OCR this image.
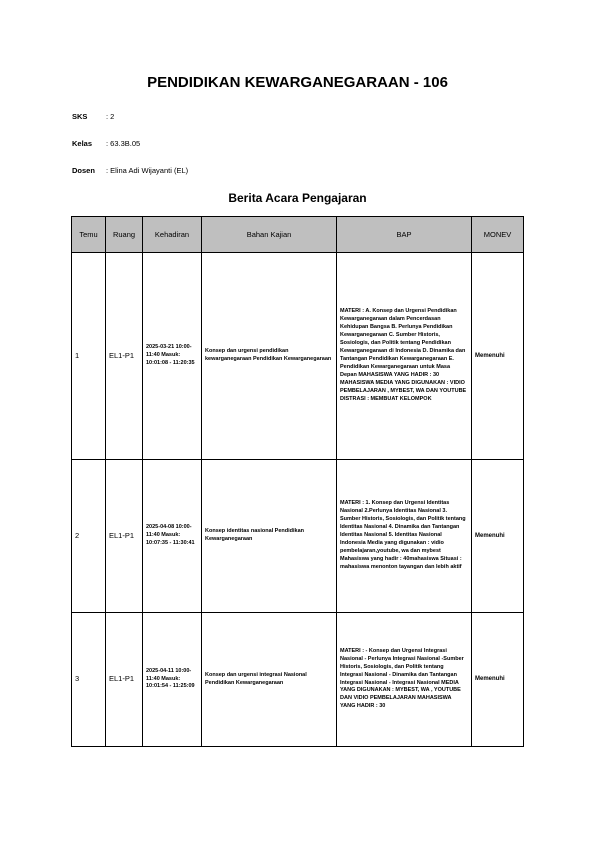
PENDIDIKAN KEWARGANEGARAAN - 106
SKS : 2
Kelas : 63.3B.05
Dosen : Elina Adi Wijayanti (EL)
Berita Acara Pengajaran
Temu	Ruang	Kehadiran	Bahan Kajian	BAP	MONEV
1	EL1-P1	2025-03-21 10:00-11:40 Masuk: 10:01:08 - 11:20:35	Konsep dan urgensi pendidikan kewarganegaraan Pendidikan Kewarganegaraan	MATERI : A. Konsep dan Urgensi Pendidikan Kewarganegaraan dalam Pencerdasan Kehidupan Bangsa B. Perlunya Pendidikan Kewarganegaraan C. Sumber Historis, Sosiologis, dan Politik tentang Pendidikan Kewarganegaraan di Indonesia D. Dinamika dan Tantangan Pendidikan Kewarganegaraan E. Pendidikan Kewarganegaraan untuk Masa Depan MAHASISWA YANG HADIR : 30 MAHASISWA MEDIA YANG DIGUNAKAN : VIDIO PEMBELAJARAN , MYBEST, WA DAN YOUTUBE DISTRASI : MEMBUAT KELOMPOK	Memenuhi
2	EL1-P1	2025-04-08 10:00-11:40 Masuk: 10:07:35 - 11:30:41	Konsep identitas nasional Pendidikan Kewarganegaraan	MATERI : 1. Konsep dan Urgensi Identitas Nasional 2.Perlunya Identitas Nasional 3. Sumber Historis, Sosiologis, dan Politik tentang Identitas Nasional 4. Dinamika dan Tantangan Identitas Nasional 5. Identitas Nasional Indonesia Media yang digunakan : vidio pembelajaran,youtube, wa dan mybest Mahasiswa yang hadir : 40mahasiswa Situasi : mahasiswa menonton tayangan dan lebih aktif	Memenuhi
3	EL1-P1	2025-04-11 10:00-11:40 Masuk: 10:01:54 - 11:25:09	Konsep dan urgensi integrasi Nasional Pendidikan Kewarganegaraan	MATERI : - Konsep dan Urgensi Integrasi Nasional - Perlunya Integrasi Nasional -Sumber Historis, Sosiologis, dan Politik tentang Integrasi Nasional - Dinamika dan Tantangan Integrasi Nasional - Integrasi Nasional MEDIA YANG DIGUNAKAN : MYBEST, WA , YOUTUBE DAN VIDIO PEMBELAJARAN MAHASISWA YANG HADIR : 30	Memenuhi
